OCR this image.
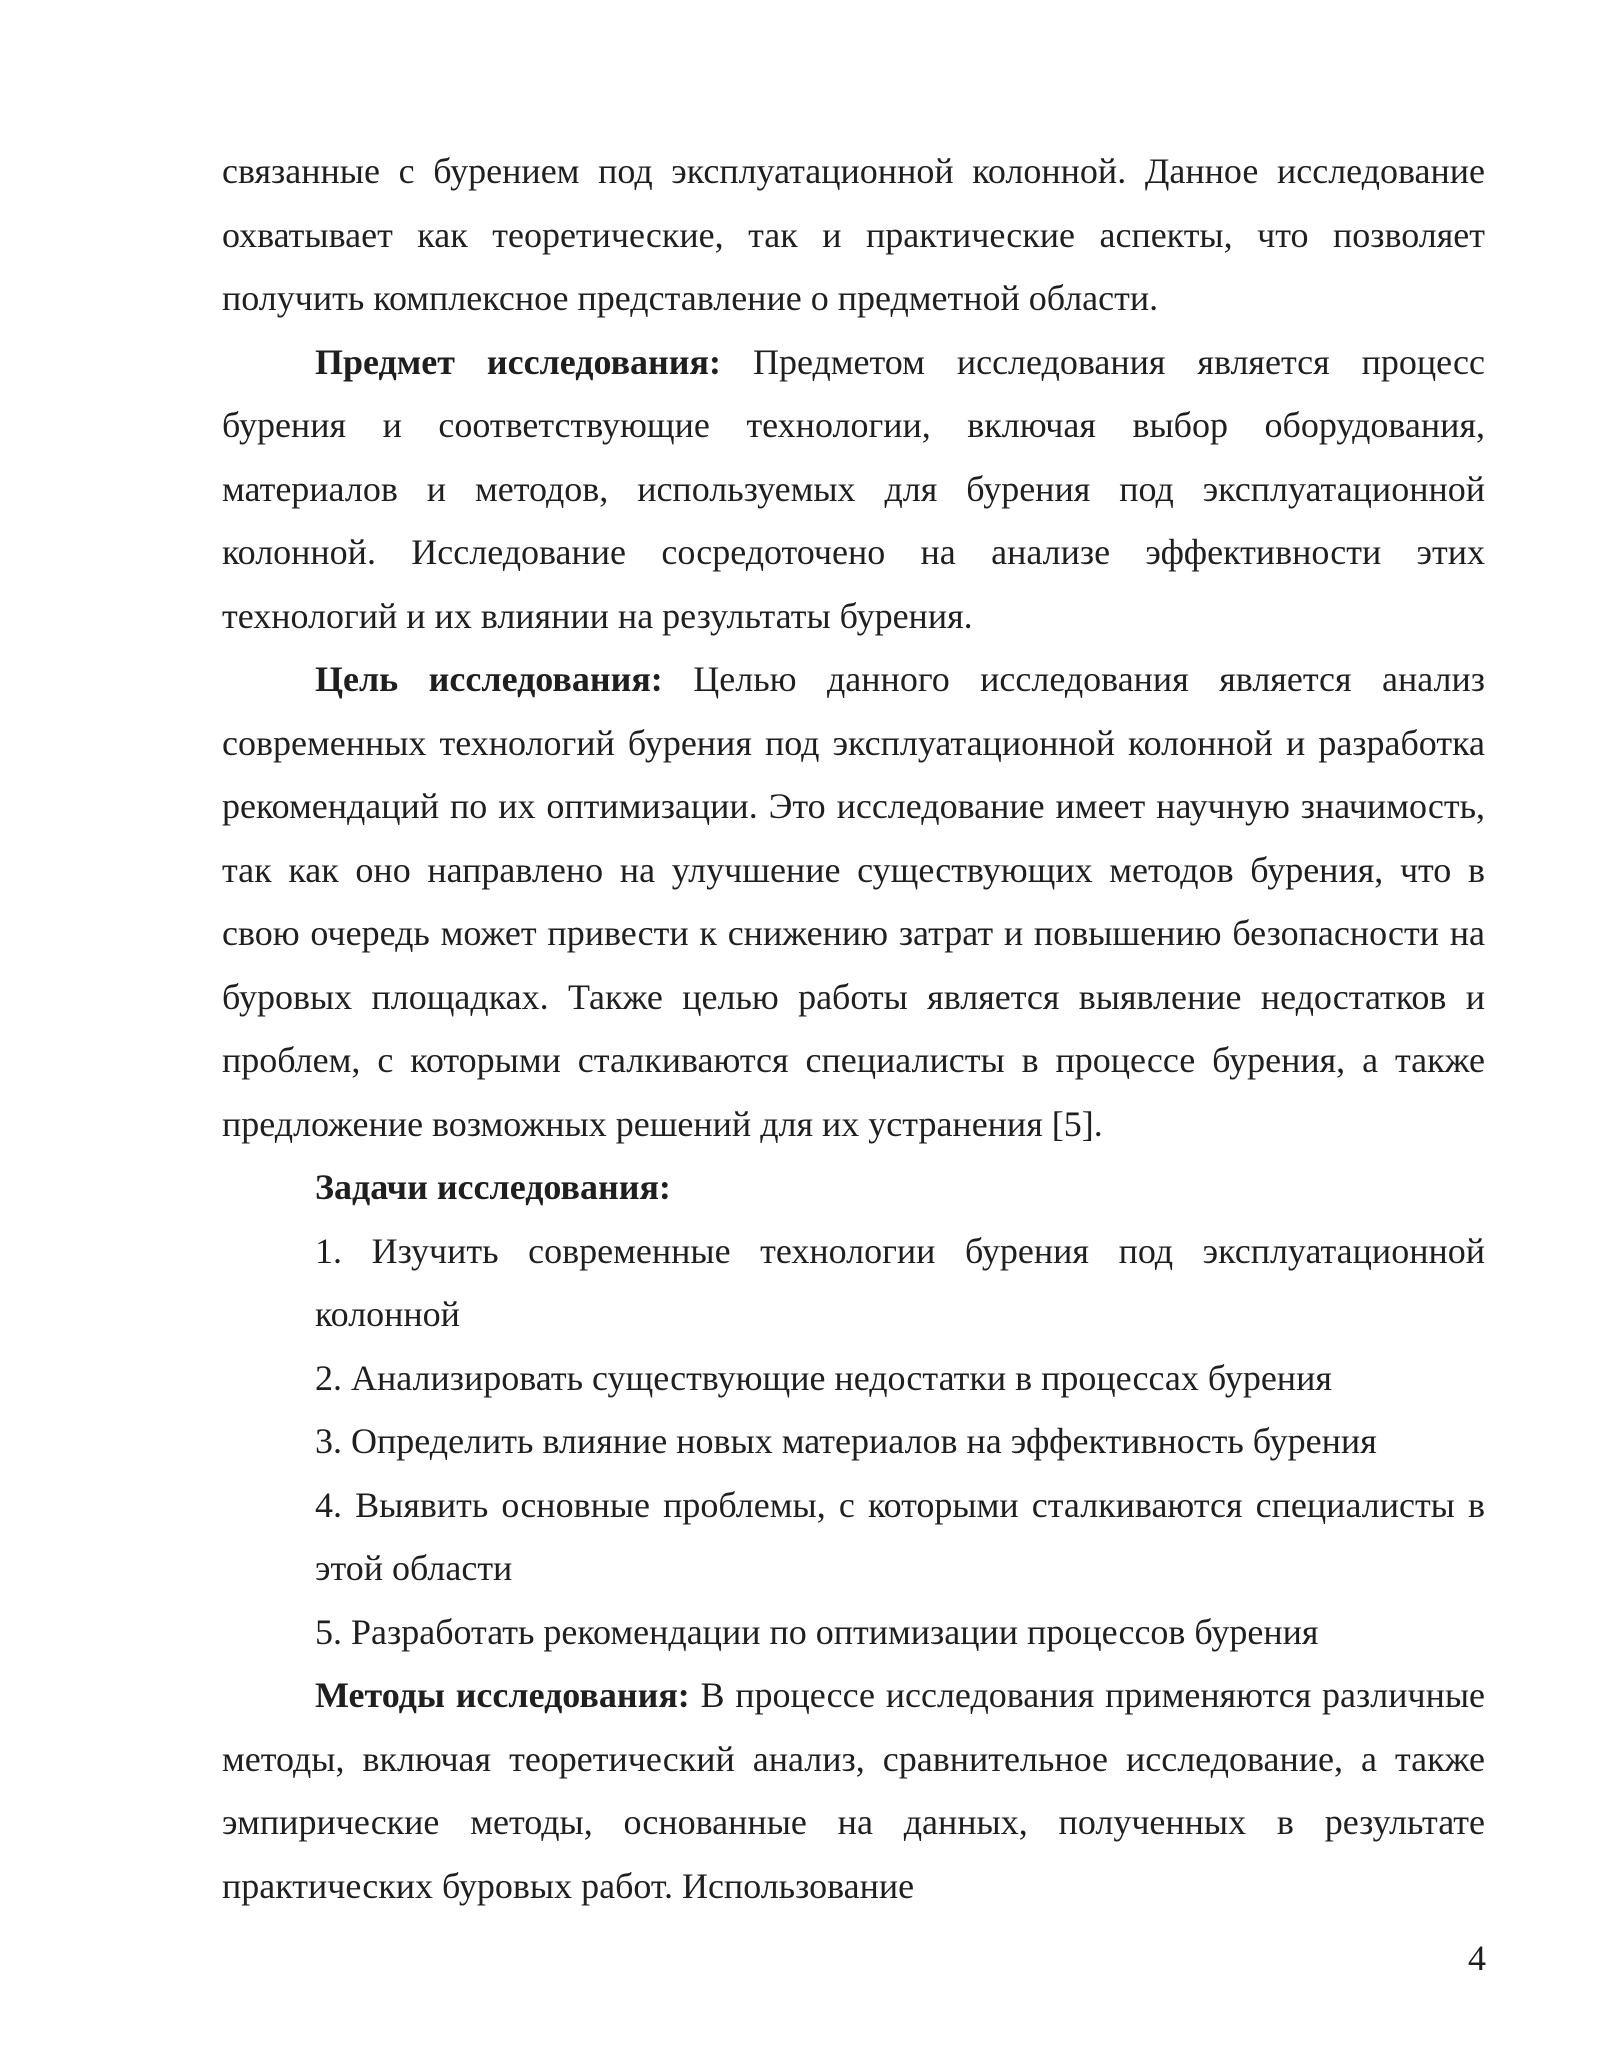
связанные с бурением под эксплуатационной колонной. Данное исследование охватывает как теоретические, так и практические аспекты, что позволяет получить комплексное представление о предметной области.

Предмет исследования: Предметом исследования является процесс бурения и соответствующие технологии, включая выбор оборудования, материалов и методов, используемых для бурения под эксплуатационной колонной. Исследование сосредоточено на анализе эффективности этих технологий и их влиянии на результаты бурения.

Цель исследования: Целью данного исследования является анализ современных технологий бурения под эксплуатационной колонной и разработка рекомендаций по их оптимизации. Это исследование имеет научную значимость, так как оно направлено на улучшение существующих методов бурения, что в свою очередь может привести к снижению затрат и повышению безопасности на буровых площадках. Также целью работы является выявление недостатков и проблем, с которыми сталкиваются специалисты в процессе бурения, а также предложение возможных решений для их устранения [5].

Задачи исследования:

1. Изучить современные технологии бурения под эксплуатационной колонной

2. Анализировать существующие недостатки в процессах бурения

3. Определить влияние новых материалов на эффективность бурения

4. Выявить основные проблемы, с которыми сталкиваются специалисты в этой области

5. Разработать рекомендации по оптимизации процессов бурения

Методы исследования: В процессе исследования применяются различные методы, включая теоретический анализ, сравнительное исследование, а также эмпирические методы, основанные на данных, полученных в результате практических буровых работ. Использование

4
